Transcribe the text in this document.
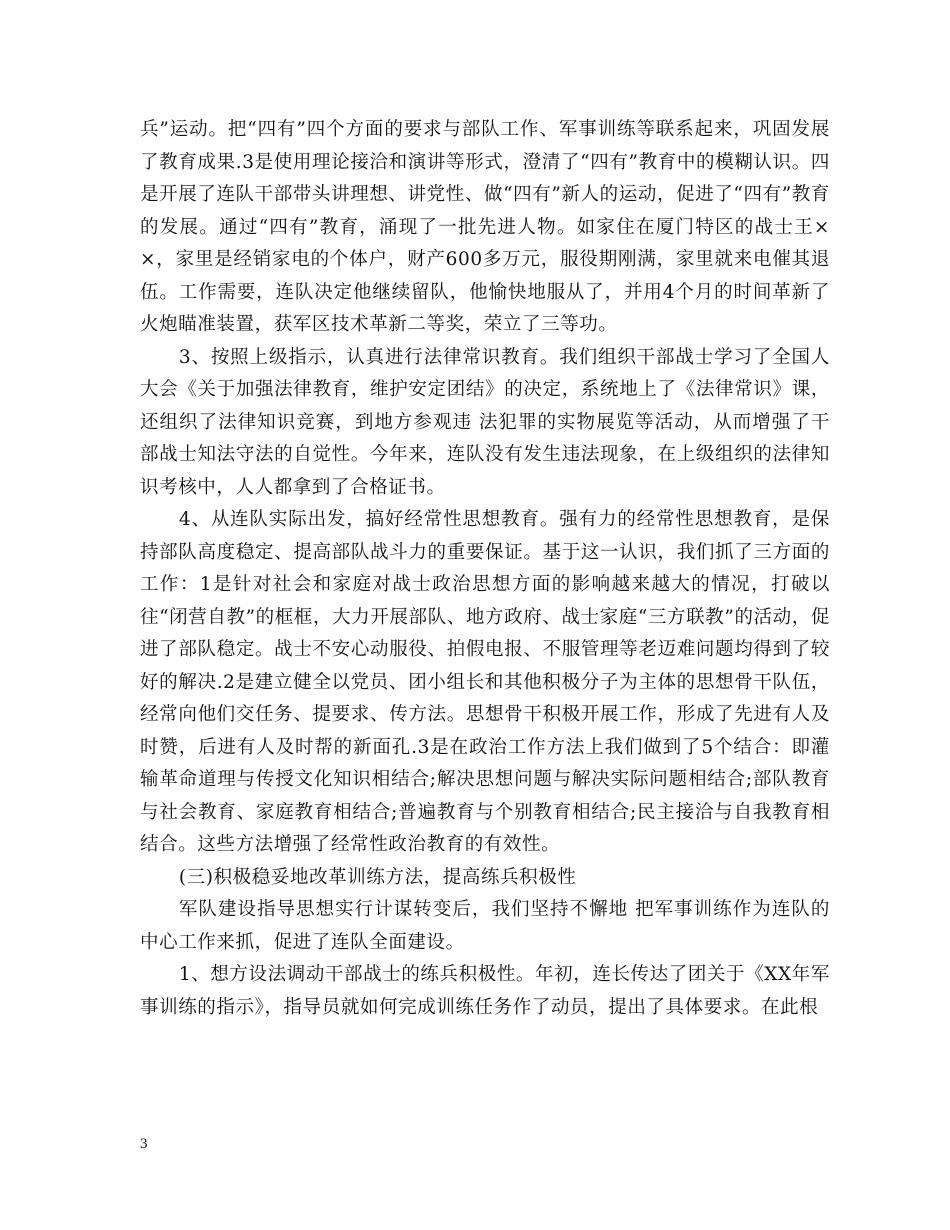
兵”运动。把“四有”四个方面的要求与部队工作、军事训练等联系起来，巩固发展了教育成果.3是使用理论接洽和演讲等形式，澄清了“四有”教育中的模糊认识。四是开展了连队干部带头讲理想、讲党性、做“四有”新人的运动，促进了“四有”教育的发展。通过“四有”教育，涌现了一批先进人物。如家住在厦门特区的战士王××，家里是经销家电的个体户，财产600多万元，服役期刚满，家里就来电催其退伍。工作需要，连队决定他继续留队，他愉快地服从了，并用4个月的时间革新了火炮瞄准装置，获军区技术革新二等奖，荣立了三等功。

3、按照上级指示，认真进行法律常识教育。我们组织干部战士学习了全国人大会《关于加强法律教育，维护安定团结》的决定，系统地上了《法律常识》课，还组织了法律知识竞赛，到地方参观违 法犯罪的实物展览等活动，从而增强了干部战士知法守法的自觉性。今年来，连队没有发生违法现象，在上级组织的法律知识考核中，人人都拿到了合格证书。

4、从连队实际出发，搞好经常性思想教育。强有力的经常性思想教育，是保持部队高度稳定、提高部队战斗力的重要保证。基于这一认识，我们抓了三方面的工作：1是针对社会和家庭对战士政治思想方面的影响越来越大的情况，打破以往“闭营自教”的框框，大力开展部队、地方政府、战士家庭“三方联教”的活动，促进了部队稳定。战士不安心动服役、拍假电报、不服管理等老迈难问题均得到了较好的解决.2是建立健全以党员、团小组长和其他积极分子为主体的思想骨干队伍，经常向他们交任务、提要求、传方法。思想骨干积极开展工作，形成了先进有人及时赞，后进有人及时帮的新面孔.3是在政治工作方法上我们做到了5个结合：即灌输革命道理与传授文化知识相结合;解决思想问题与解决实际问题相结合;部队教育与社会教育、家庭教育相结合;普遍教育与个别教育相结合;民主接洽与自我教育相结合。这些方法增强了经常性政治教育的有效性。

(三)积极稳妥地改革训练方法，提高练兵积极性

军队建设指导思想实行计谋转变后，我们坚持不懈地 把军事训练作为连队的中心工作来抓，促进了连队全面建设。

1、想方设法调动干部战士的练兵积极性。年初，连长传达了团关于《XX年军事训练的指示》，指导员就如何完成训练任务作了动员，提出了具体要求。在此根

3
